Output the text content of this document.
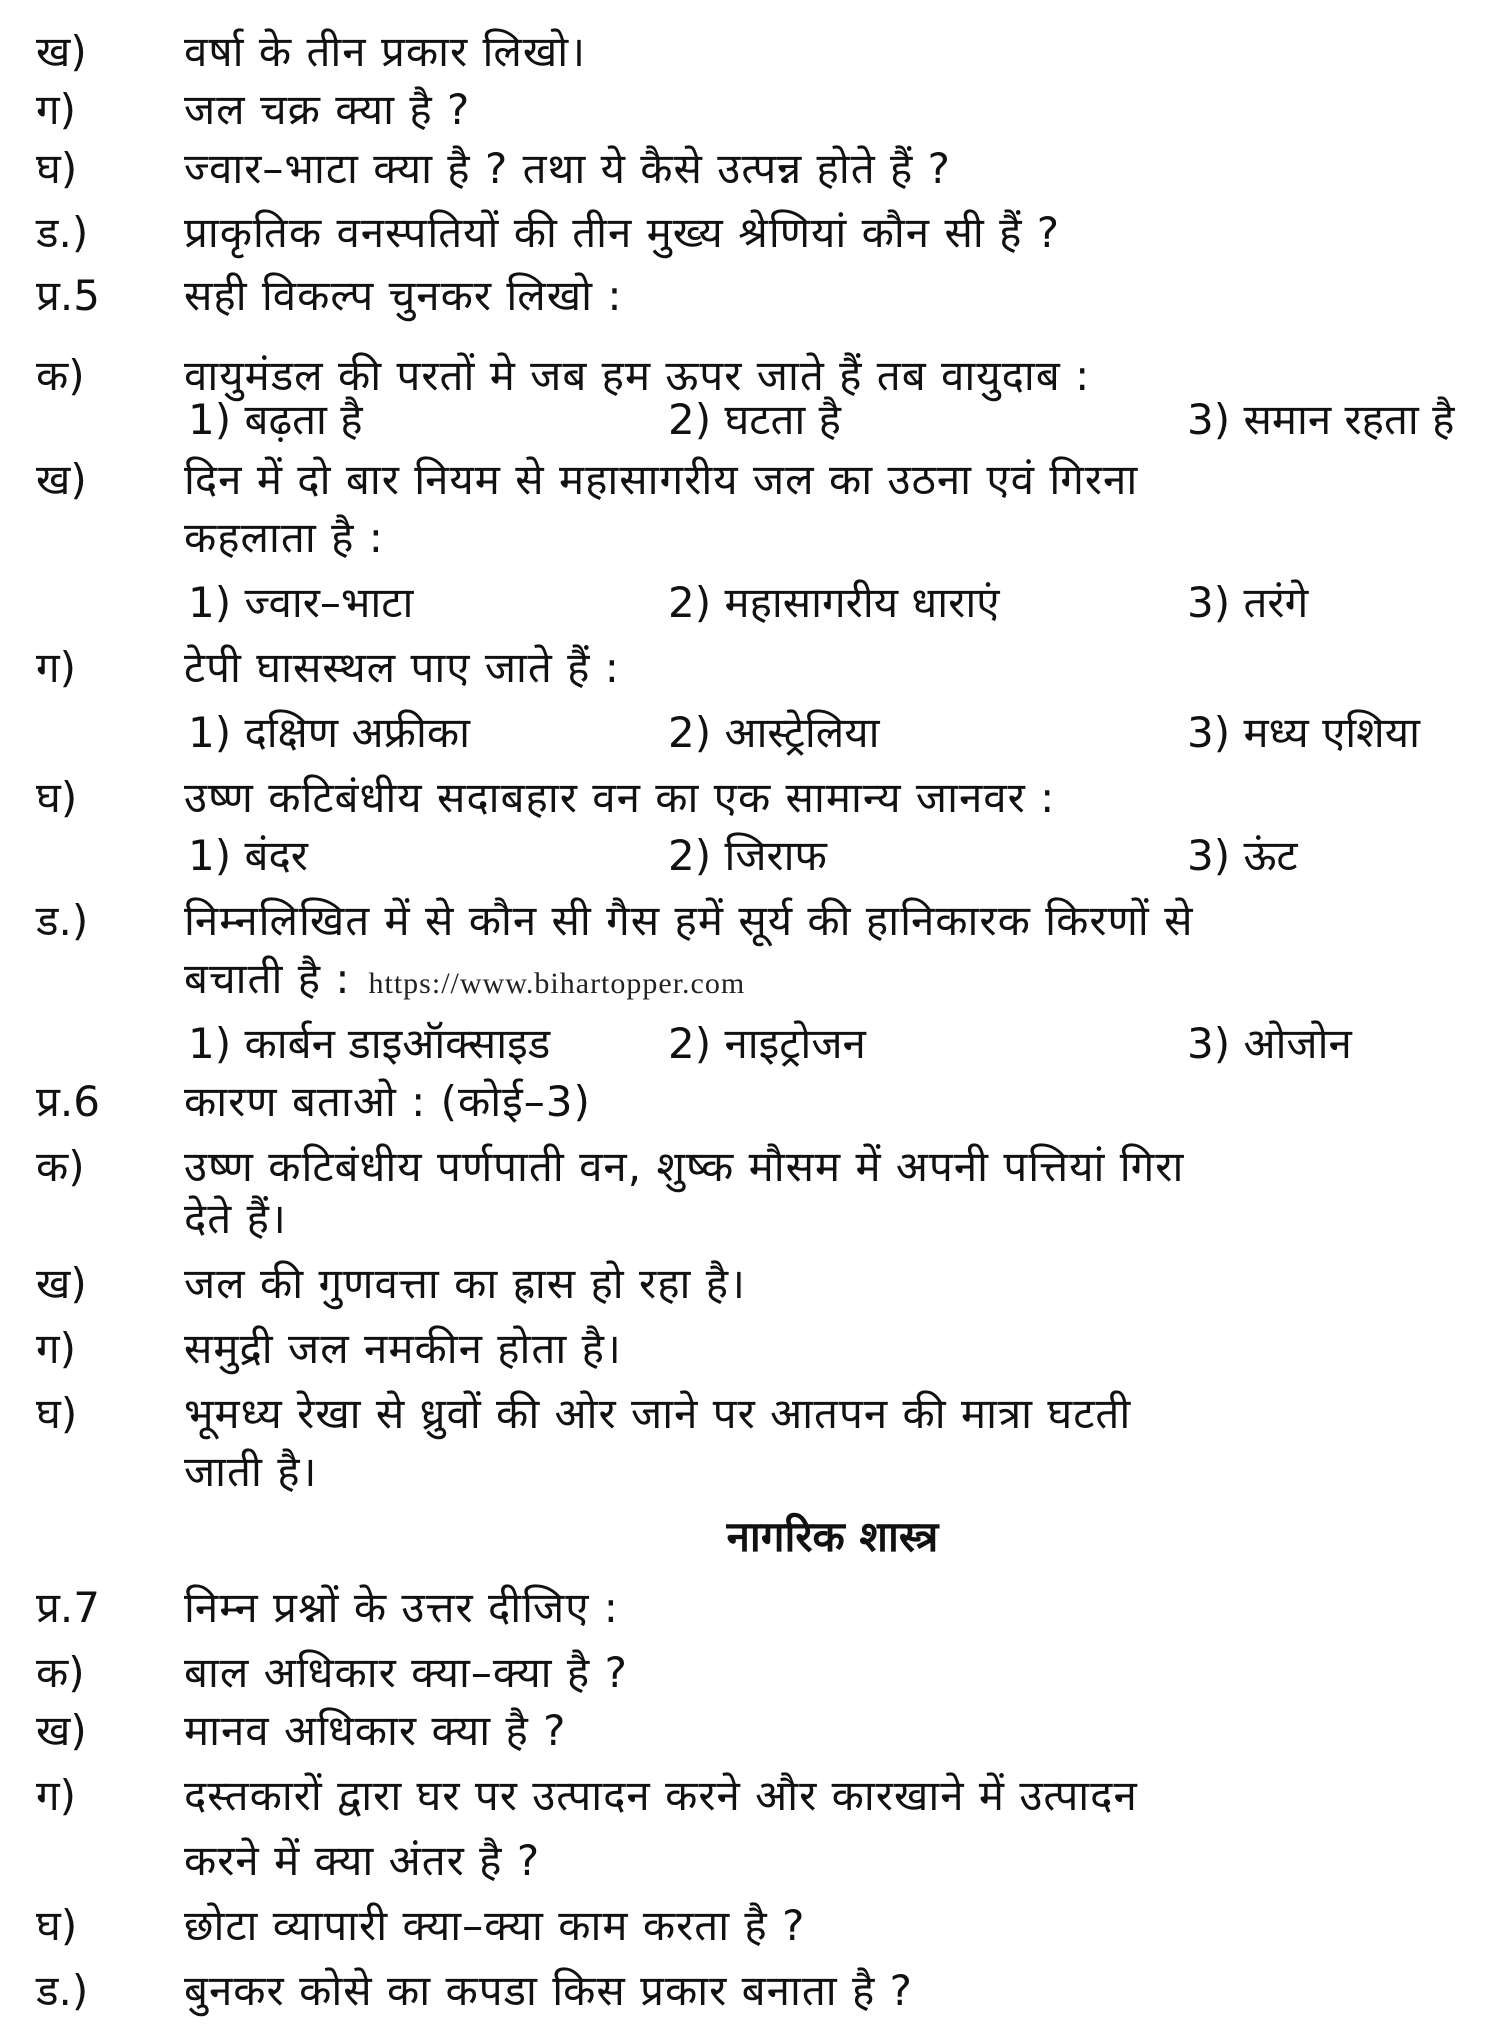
ख) वर्षा के तीन प्रकार लिखो।
ग)	जल चक्र क्या है ?
घ)	ज्वार–भाटा क्या है ? तथा ये कैसे उत्पन्न होते हैं ?
ड.) प्राकृतिक वनस्पतियों की तीन मुख्य श्रेणियां कौन सी हैं ?
प्र.5 सही विकल्प चुनकर लिखो :
क) वायुमंडल की परतों मे जब हम ऊपर जाते हैं तब वायुदाब :
1) बढ़ता है	2) घटता है	3) समान रहता है
ख) दिन में दो बार नियम से महासागरीय जल का उठना एवं गिरना
कहलाता है :
1) ज्वार–भाटा	2) महासागरीय धाराएं	3) तरंगे
ग)	टेपी घासस्थल पाए जाते हैं :
1) दक्षिण अफ्रीका	2) आस्ट्रेलिया	3) मध्य एशिया
घ)	उष्ण कटिबंधीय सदाबहार वन का एक सामान्य जानवर :
1) बंदर	2) जिराफ	3) ऊंट
ड.) निम्नलिखित में से कौन सी गैस हमें सूर्य की हानिकारक किरणों से
बचाती है : https://www.bihartopper.com
1) कार्बन डाइऑक्साइड	2) नाइट्रोजन	3) ओजोन
प्र.6 कारण बताओ : (कोई–3)
क) उष्ण कटिबंधीय पर्णपाती वन, शुष्क मौसम में अपनी पत्तियां गिरा
देते हैं।
ख) जल की गुणवत्ता का ह्रास हो रहा है।
ग)	समुद्री जल नमकीन होता है।
घ)	भूमध्य रेखा से ध्रुवों की ओर जाने पर आतपन की मात्रा घटती
जाती है।
नागरिक शास्त्र
प्र.7 निम्न प्रश्नों के उत्तर दीजिए :
क) बाल अधिकार क्या–क्या है ?
ख) मानव अधिकार क्या है ?
ग)	दस्तकारों द्वारा घर पर उत्पादन करने और कारखाने में उत्पादन
करने में क्या अंतर है ?
घ)	छोटा व्यापारी क्या–क्या काम करता है ?
ड.) बुनकर कोसे का कपडा किस प्रकार बनाता है ?
